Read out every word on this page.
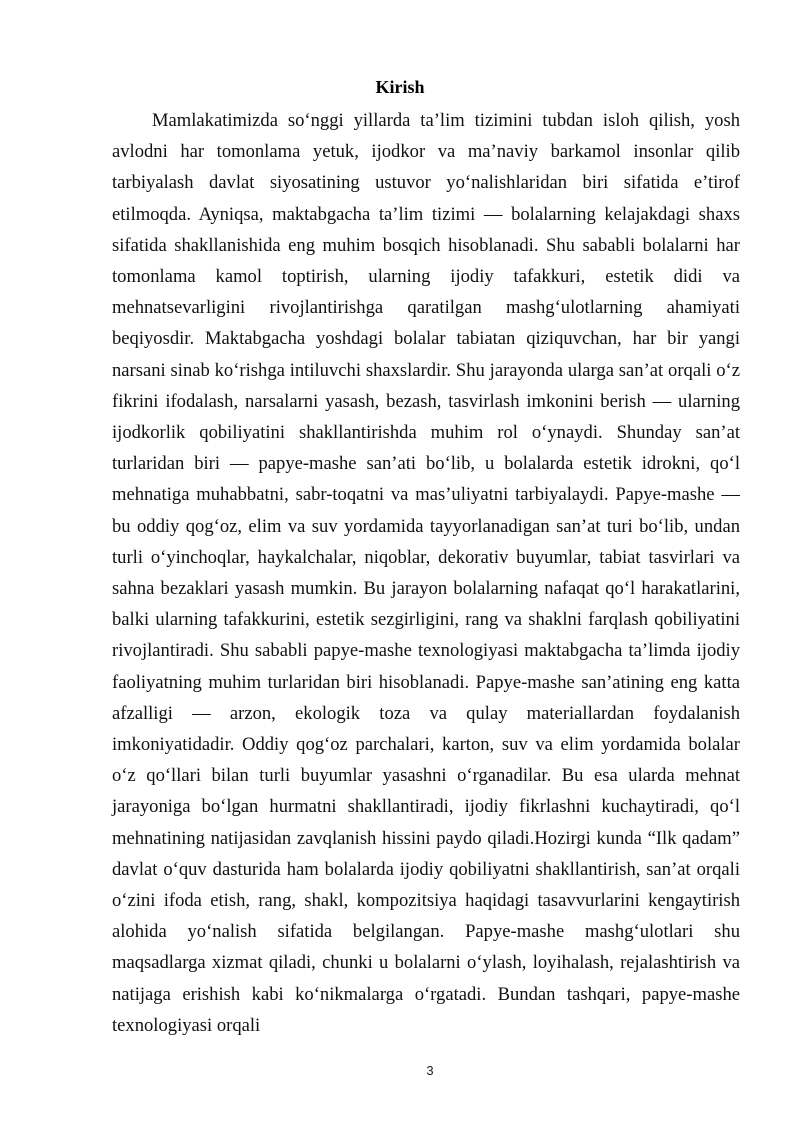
Kirish

Mamlakatimizda so‘nggi yillarda ta’lim tizimini tubdan isloh qilish, yosh avlodni har tomonlama yetuk, ijodkor va ma’naviy barkamol insonlar qilib tarbiyalash davlat siyosatining ustuvor yo‘nalishlaridan biri sifatida e’tirof etilmoqda. Ayniqsa, maktabgacha ta’lim tizimi — bolalarning kelajakdagi shaxs sifatida shakllanishida eng muhim bosqich hisoblanadi. Shu sababli bolalarni har tomonlama kamol toptirish, ularning ijodiy tafakkuri, estetik didi va mehnatsevarligini rivojlantirishga qaratilgan mashg‘ulotlarning ahamiyati beqiyosdir. Maktabgacha yoshdagi bolalar tabiatan qiziquvchan, har bir yangi narsani sinab ko‘rishga intiluvchi shaxslardir. Shu jarayonda ularga san’at orqali o‘z fikrini ifodalash, narsalarni yasash, bezash, tasvirlash imkonini berish — ularning ijodkorlik qobiliyatini shakllantirishda muhim rol o‘ynaydi. Shunday san’at turlaridan biri — papye-mashe san’ati bo‘lib, u bolalarda estetik idrokni, qo‘l mehnatiga muhabbatni, sabr-toqatni va mas’uliyatni tarbiyalaydi. Papye-mashe — bu oddiy qog‘oz, elim va suv yordamida tayyorlanadigan san’at turi bo‘lib, undan turli o‘yinchoqlar, haykalchalar, niqoblar, dekorativ buyumlar, tabiat tasvirlari va sahna bezaklari yasash mumkin. Bu jarayon bolalarning nafaqat qo‘l harakatlarini, balki ularning tafakkurini, estetik sezgirligini, rang va shaklni farqlash qobiliyatini rivojlantiradi. Shu sababli papye-mashe texnologiyasi maktabgacha ta’limda ijodiy faoliyatning muhim turlaridan biri hisoblanadi. Papye-mashe san’atining eng katta afzalligi — arzon, ekologik toza va qulay materiallardan foydalanish imkoniyatidadir. Oddiy qog‘oz parchalari, karton, suv va elim yordamida bolalar o‘z qo‘llari bilan turli buyumlar yasashni o‘rganadilar. Bu esa ularda mehnat jarayoniga bo‘lgan hurmatni shakllantiradi, ijodiy fikrlashni kuchaytiradi, qo‘l mehnatining natijasidan zavqlanish hissini paydo qiladi.Hozirgi kunda “Ilk qadam” davlat o‘quv dasturida ham bolalarda ijodiy qobiliyatni shakllantirish, san’at orqali o‘zini ifoda etish, rang, shakl, kompozitsiya haqidagi tasavvurlarini kengaytirish alohida yo‘nalish sifatida belgilangan. Papye-mashe mashg‘ulotlari shu maqsadlarga xizmat qiladi, chunki u bolalarni o‘ylash, loyihalash, rejalashtirish va natijaga erishish kabi ko‘nikmalarga o‘rgatadi. Bundan tashqari, papye-mashe texnologiyasi orqali

3
